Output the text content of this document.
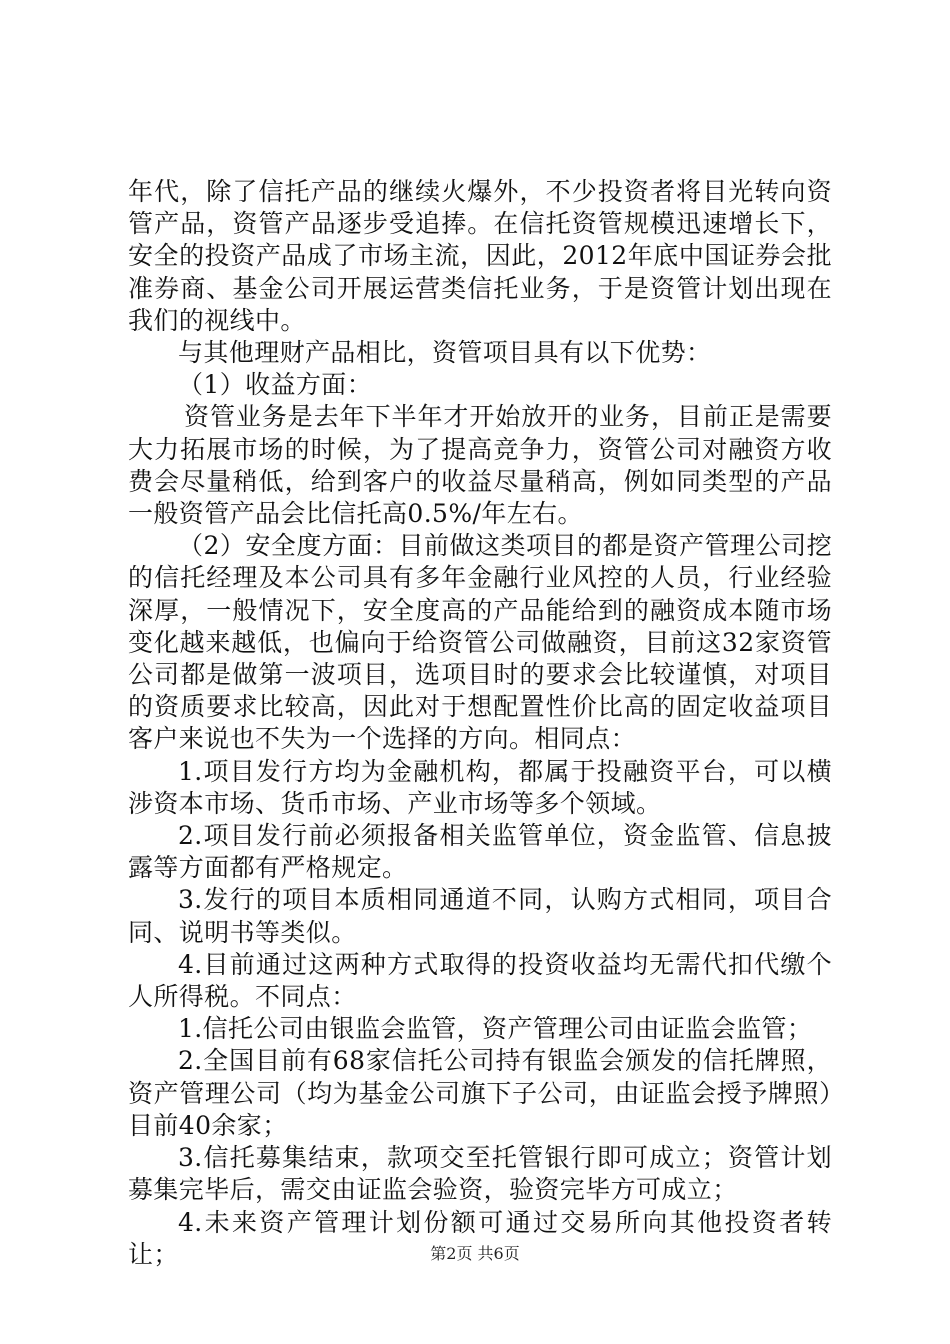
年代，除了信托产品的继续火爆外，不少投资者将目光转向资管产品，资管产品逐步受追捧。在信托资管规模迅速增长下，安全的投资产品成了市场主流，因此，2012年底中国证券会批准券商、基金公司开展运营类信托业务，于是资管计划出现在我们的视线中。

与其他理财产品相比，资管项目具有以下优势：

（1）收益方面：

资管业务是去年下半年才开始放开的业务，目前正是需要大力拓展市场的时候，为了提高竞争力，资管公司对融资方收费会尽量稍低，给到客户的收益尽量稍高，例如同类型的产品一般资管产品会比信托高0.5%/年左右。

（2）安全度方面：目前做这类项目的都是资产管理公司挖的信托经理及本公司具有多年金融行业风控的人员，行业经验深厚，一般情况下，安全度高的产品能给到的融资成本随市场变化越来越低，也偏向于给资管公司做融资，目前这32家资管公司都是做第一波项目，选项目时的要求会比较谨慎，对项目的资质要求比较高，因此对于想配置性价比高的固定收益项目客户来说也不失为一个选择的方向。相同点：

1.项目发行方均为金融机构，都属于投融资平台，可以横涉资本市场、货币市场、产业市场等多个领域。

2.项目发行前必须报备相关监管单位，资金监管、信息披露等方面都有严格规定。

3.发行的项目本质相同通道不同，认购方式相同，项目合同、说明书等类似。

4.目前通过这两种方式取得的投资收益均无需代扣代缴个人所得税。不同点：

1.信托公司由银监会监管，资产管理公司由证监会监管；

2.全国目前有68家信托公司持有银监会颁发的信托牌照，资产管理公司（均为基金公司旗下子公司，由证监会授予牌照）目前40余家；

3.信托募集结束，款项交至托管银行即可成立；资管计划募集完毕后，需交由证监会验资，验资完毕方可成立；

4.未来资产管理计划份额可通过交易所向其他投资者转让；	第2页 共6页
